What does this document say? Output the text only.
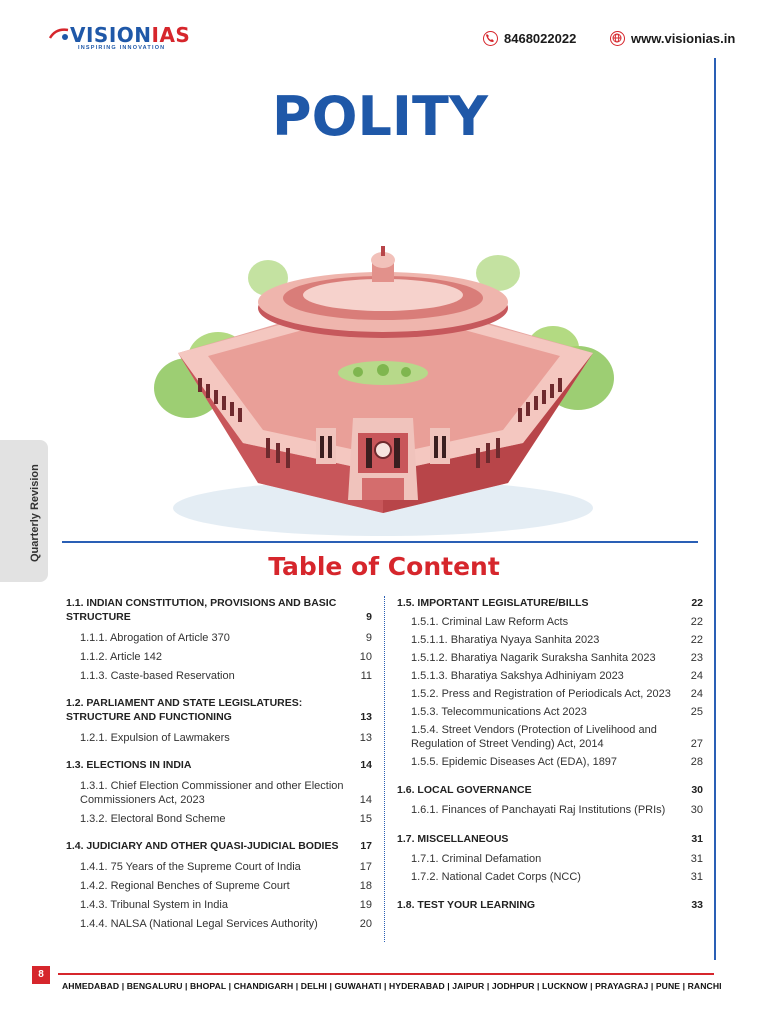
VISIONIAS
INSPIRING INNOVATION
8468022022	www.visionias.in
Quarterly Revision
POLITY
Table of Content
1.1. INDIAN CONSTITUTION, PROVISIONS AND BASIC STRUCTURE	9
1.1.1. Abrogation of Article 370	9
1.1.2. Article 142	10
1.1.3. Caste-based Reservation	11
1.2. PARLIAMENT AND STATE LEGISLATURES: STRUCTURE AND FUNCTIONING	13
1.2.1. Expulsion of Lawmakers	13
1.3. ELECTIONS IN INDIA	14
1.3.1. Chief Election Commissioner and other Election Commissioners Act, 2023	14
1.3.2. Electoral Bond Scheme	15
1.4. JUDICIARY AND OTHER QUASI-JUDICIAL BODIES	17
1.4.1. 75 Years of the Supreme Court of India	17
1.4.2. Regional Benches of Supreme Court	18
1.4.3. Tribunal System in India	19
1.4.4. NALSA (National Legal Services Authority)	20
1.5. IMPORTANT LEGISLATURE/BILLS	22
1.5.1. Criminal Law Reform Acts	22
1.5.1.1. Bharatiya Nyaya Sanhita 2023	22
1.5.1.2. Bharatiya Nagarik Suraksha Sanhita 2023	23
1.5.1.3. Bharatiya Sakshya Adhiniyam 2023	24
1.5.2. Press and Registration of Periodicals Act, 2023	24
1.5.3. Telecommunications Act 2023	25
1.5.4. Street Vendors (Protection of Livelihood and Regulation of Street Vending) Act, 2014	27
1.5.5. Epidemic Diseases Act (EDA), 1897	28
1.6. LOCAL GOVERNANCE	30
1.6.1. Finances of Panchayati Raj Institutions (PRIs)	30
1.7. MISCELLANEOUS	31
1.7.1. Criminal Defamation	31
1.7.2. National Cadet Corps (NCC)	31
1.8. TEST YOUR LEARNING	33
8
AHMEDABAD | BENGALURU | BHOPAL | CHANDIGARH | DELHI | GUWAHATI | HYDERABAD | JAIPUR | JODHPUR | LUCKNOW | PRAYAGRAJ | PUNE | RANCHI
